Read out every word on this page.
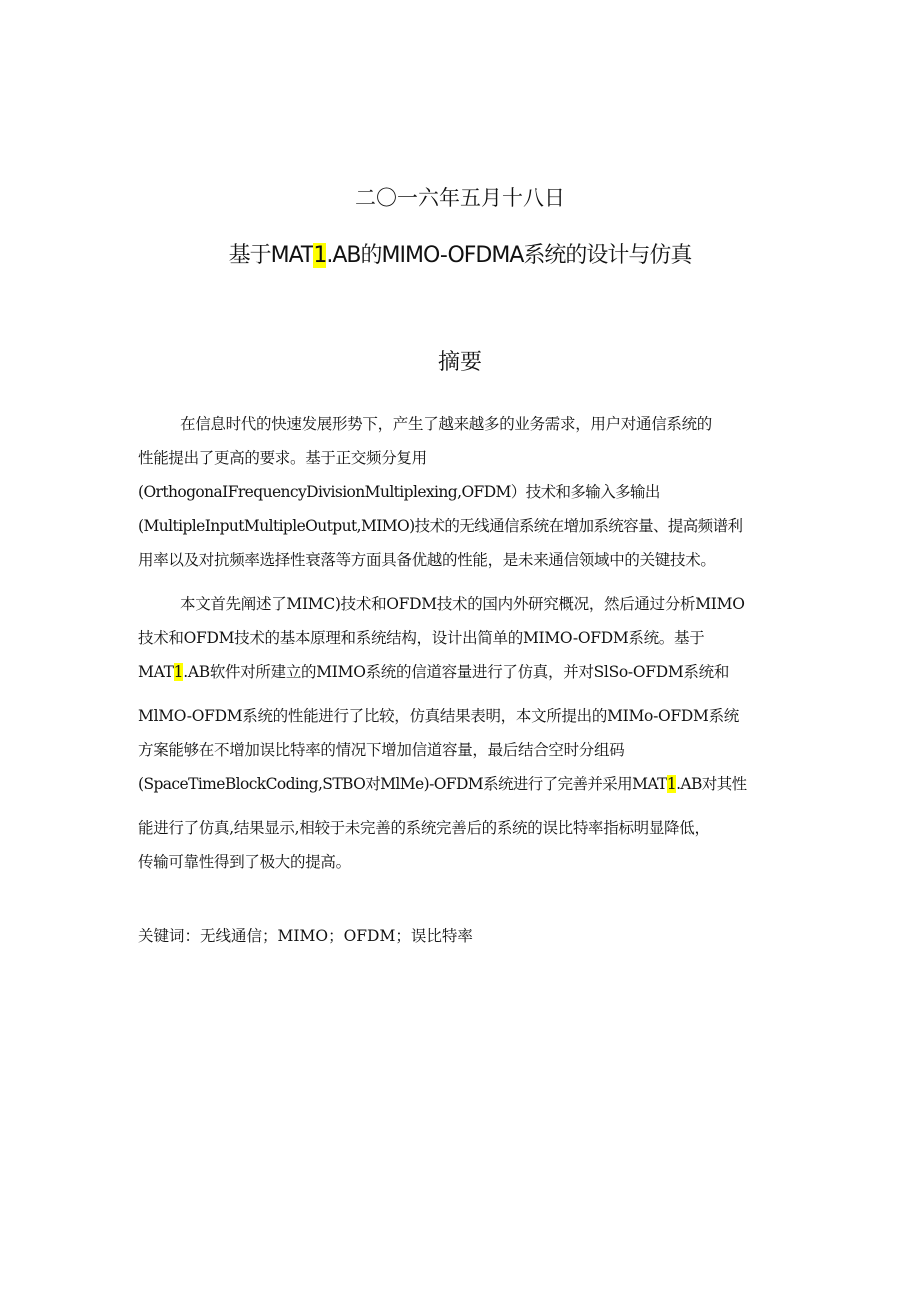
二〇一六年五月十八日
基于MAT1.AB的MIMO-OFDMA系统的设计与仿真
摘要
在信息时代的快速发展形势下，产生了越来越多的业务需求，用户对通信系统的
性能提出了更高的要求。基于正交频分复用
(OrthogonaIFrequencyDivisionMultiplexing,OFDM）技术和多输入多输出
(MultipleInputMultipleOutput,MIMO)技术的无线通信系统在增加系统容量、提高频谱利
用率以及对抗频率选择性衰落等方面具备优越的性能，是未来通信领域中的关键技术。
本文首先阐述了MIMC)技术和OFDM技术的国内外研究概况，然后通过分析MIMO
技术和OFDM技术的基本原理和系统结构，设计出简单的MIMO-OFDM系统。基于
MAT1.AB软件对所建立的MIMO系统的信道容量进行了仿真，并对SlSo-OFDM系统和
MlMO-OFDM系统的性能进行了比较，仿真结果表明，本文所提出的MIMo-OFDM系统
方案能够在不增加误比特率的情况下增加信道容量，最后结合空时分组码
(SpaceTimeBlockCoding,STBO对MlMe)-OFDM系统进行了完善并采用MAT1.AB对其性
能进行了仿真,结果显示,相较于未完善的系统完善后的系统的误比特率指标明显降低，
传输可靠性得到了极大的提高。
关键词：无线通信；MIMO；OFDM；误比特率
